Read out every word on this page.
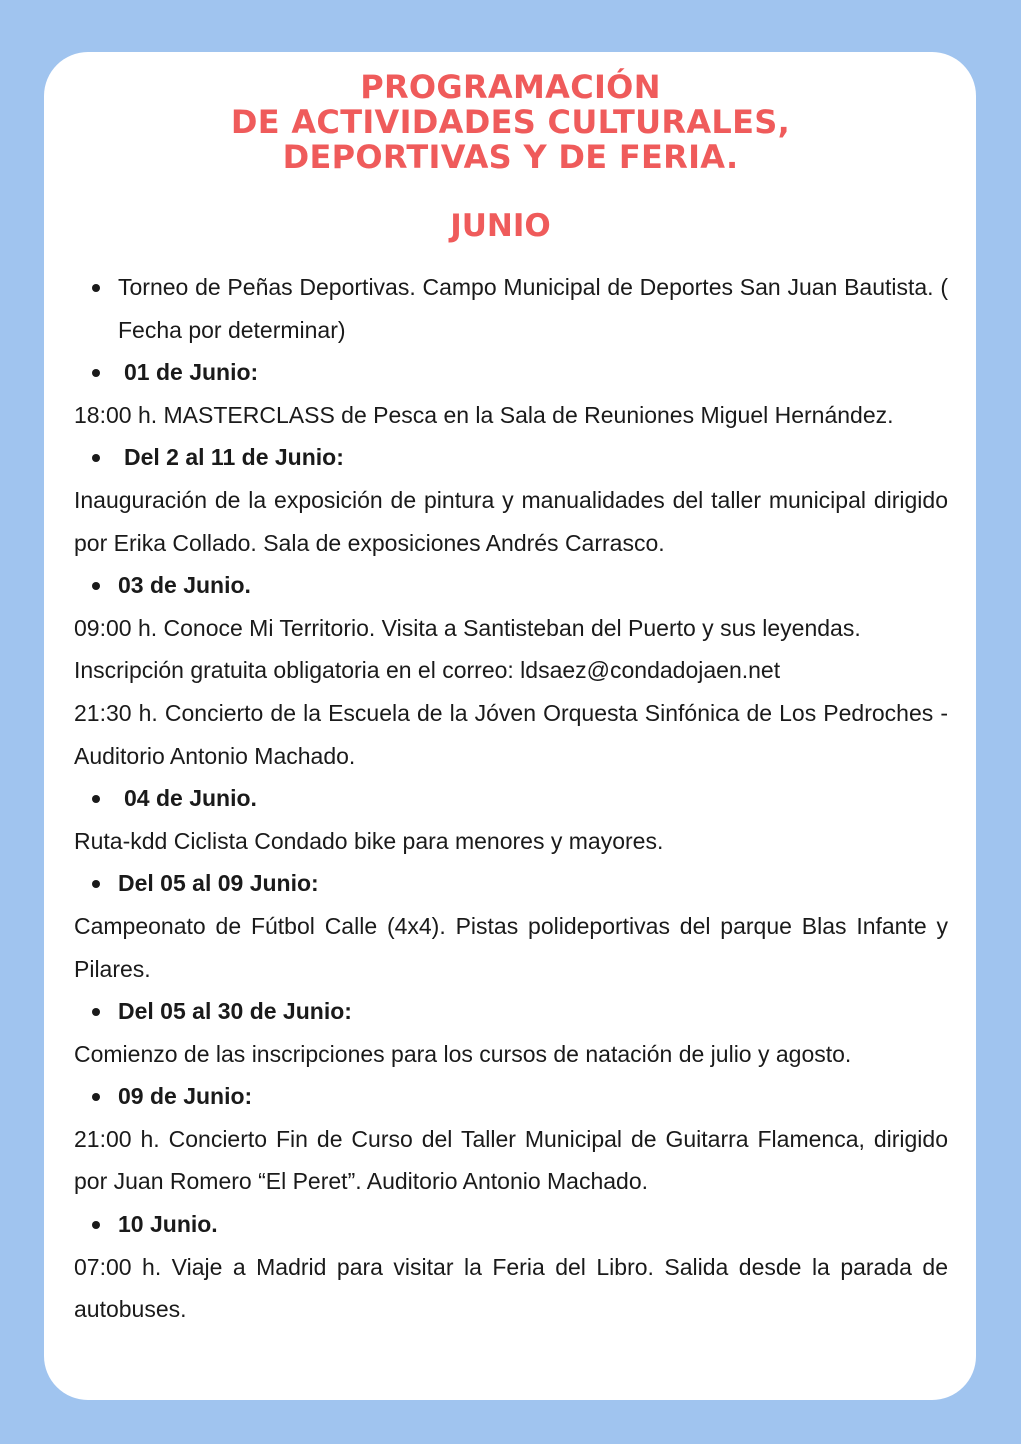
PROGRAMACIÓN
DE ACTIVIDADES CULTURALES,
DEPORTIVAS Y DE FERIA.
JUNIO
Torneo de Peñas Deportivas. Campo Municipal de Deportes San Juan Bautista. ( Fecha por determinar)
01 de Junio:
18:00 h. MASTERCLASS de Pesca en la Sala de Reuniones Miguel Hernández.
Del 2 al 11 de Junio:
Inauguración de la exposición de pintura y manualidades del taller municipal dirigido por Erika Collado. Sala de exposiciones Andrés Carrasco.
03 de Junio.
09:00 h. Conoce Mi Territorio. Visita a Santisteban del Puerto y sus leyendas.
Inscripción gratuita obligatoria en el correo: ldsaez@condadojaen.net
21:30 h. Concierto de la Escuela de la Jóven Orquesta Sinfónica de Los Pedroches - Auditorio Antonio Machado.
04 de Junio.
Ruta-kdd Ciclista Condado bike para menores y mayores.
Del 05 al 09 Junio:
Campeonato de Fútbol Calle (4x4). Pistas polideportivas del parque Blas Infante y Pilares.
Del 05 al 30 de Junio:
Comienzo de las inscripciones para los cursos de natación de julio y agosto.
09 de Junio:
21:00 h. Concierto Fin de Curso del Taller Municipal de Guitarra Flamenca, dirigido por Juan Romero “El Peret”. Auditorio Antonio Machado.
10 Junio.
07:00 h. Viaje a Madrid para visitar la Feria del Libro. Salida desde la parada de autobuses.
